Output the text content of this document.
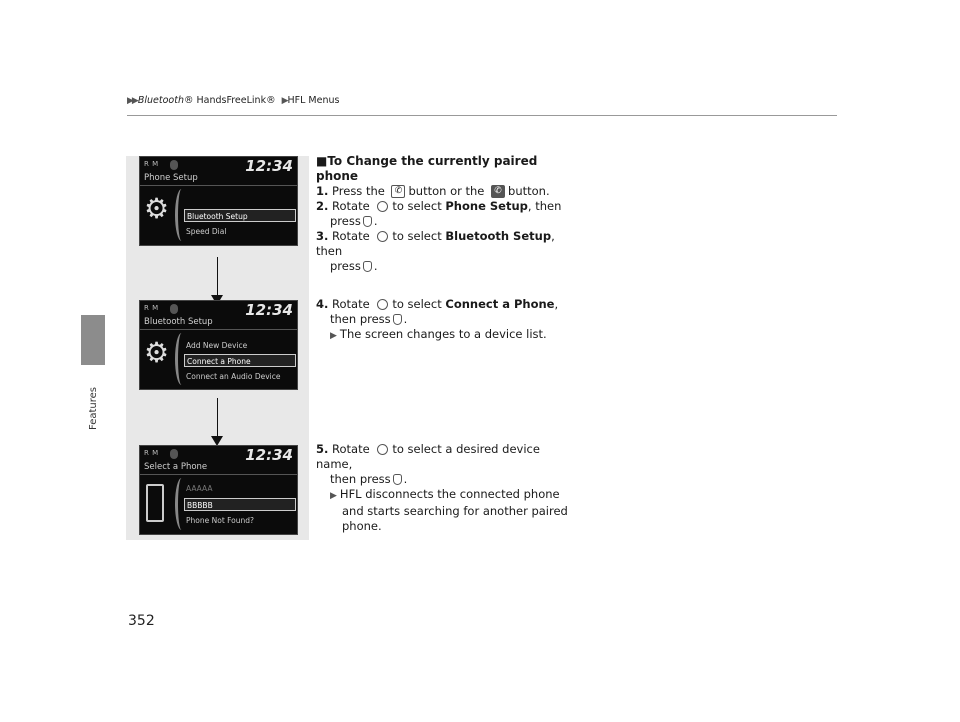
▶▶ Bluetooth® HandsFreeLink® ▶ HFL Menus
Features
R M	12:34
Phone Setup
⚙	Bluetooth Setup
Speed Dial
R M	12:34
Bluetooth Setup
⚙	Add New Device
Connect a Phone
Connect an Audio Device
R M	12:34
Select a Phone
AAAAA
BBBBB
Phone Not Found?
■To Change the currently paired phone
1. Press the ✆ button or the ✆ button.
2. Rotate to select Phone Setup, then
press .
3. Rotate to select Bluetooth Setup, then
press .
4. Rotate to select Connect a Phone,
then press .
▶ The screen changes to a device list.
5. Rotate to select a desired device name,
then press .
▶ HFL disconnects the connected phone
and starts searching for another paired
phone.
352
